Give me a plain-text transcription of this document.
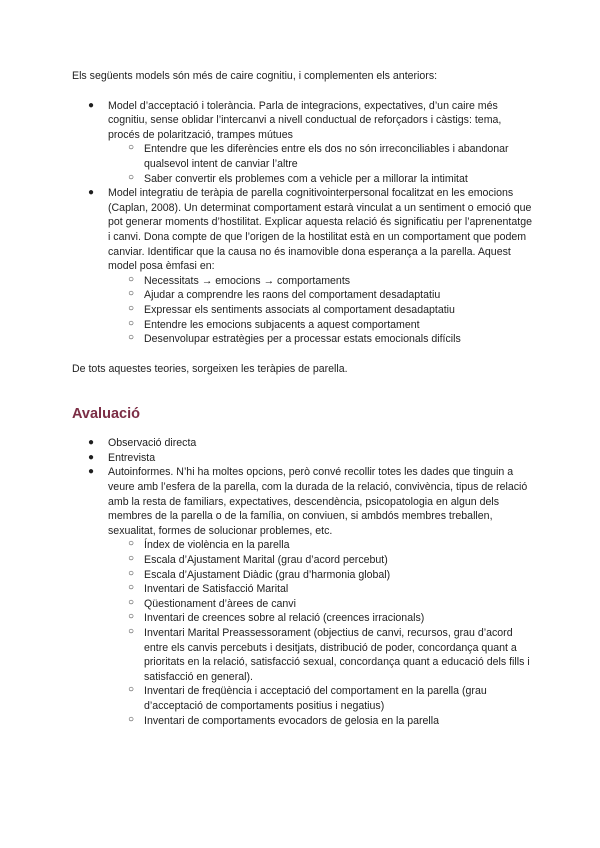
Els següents models són més de caire cognitiu, i complementen els anteriors:

● Model d’acceptació i tolerància. Parla de integracions, expectatives, d’un caire més cognitiu, sense oblidar l’intercanvi a nivell conductual de reforçadors i càstigs: tema, procés de polarització, trampes mútues
○ Entendre que les diferències entre els dos no són irreconciliables i abandonar qualsevol intent de canviar l’altre
○ Saber convertir els problemes com a vehicle per a millorar la intimitat
● Model integratiu de teràpia de parella cognitivointerpersonal focalitzat en les emocions (Caplan, 2008). Un determinat comportament estarà vinculat a un sentiment o emoció que pot generar moments d’hostilitat. Explicar aquesta relació és significatiu per l’aprenentatge i canvi. Dona compte de que l’origen de la hostilitat està en un comportament que podem canviar. Identificar que la causa no és inamovible dona esperança a la parella. Aquest model posa èmfasi en:
○ Necessitats → emocions → comportaments
○ Ajudar a comprendre les raons del comportament desadaptatiu
○ Expressar els sentiments associats al comportament desadaptatiu
○ Entendre les emocions subjacents a aquest comportament
○ Desenvolupar estratègies per a processar estats emocionals difícils

De tots aquestes teories, sorgeixen les teràpies de parella.

Avaluació
● Observació directa
● Entrevista
● Autoinformes. N’hi ha moltes opcions, però convé recollir totes les dades que tinguin a veure amb l’esfera de la parella, com la durada de la relació, convivència, tipus de relació amb la resta de familiars, expectatives, descendència, psicopatologia en algun dels membres de la parella o de la família, on conviuen, si ambdós membres treballen, sexualitat, formes de solucionar problemes, etc.
○ Índex de violència en la parella
○ Escala d’Ajustament Marital (grau d’acord percebut)
○ Escala d’Ajustament Diàdic (grau d’harmonia global)
○ Inventari de Satisfacció Marital
○ Qüestionament d’àrees de canvi
○ Inventari de creences sobre al relació (creences irracionals)
○ Inventari Marital Preassessorament (objectius de canvi, recursos, grau d’acord entre els canvis percebuts i desitjats, distribució de poder, concordança quant a prioritats en la relació, satisfacció sexual, concordança quant a educació dels fills i satisfacció en general).
○ Inventari de freqüència i acceptació del comportament en la parella (grau d’acceptació de comportaments positius i negatius)
○ Inventari de comportaments evocadors de gelosia en la parella
